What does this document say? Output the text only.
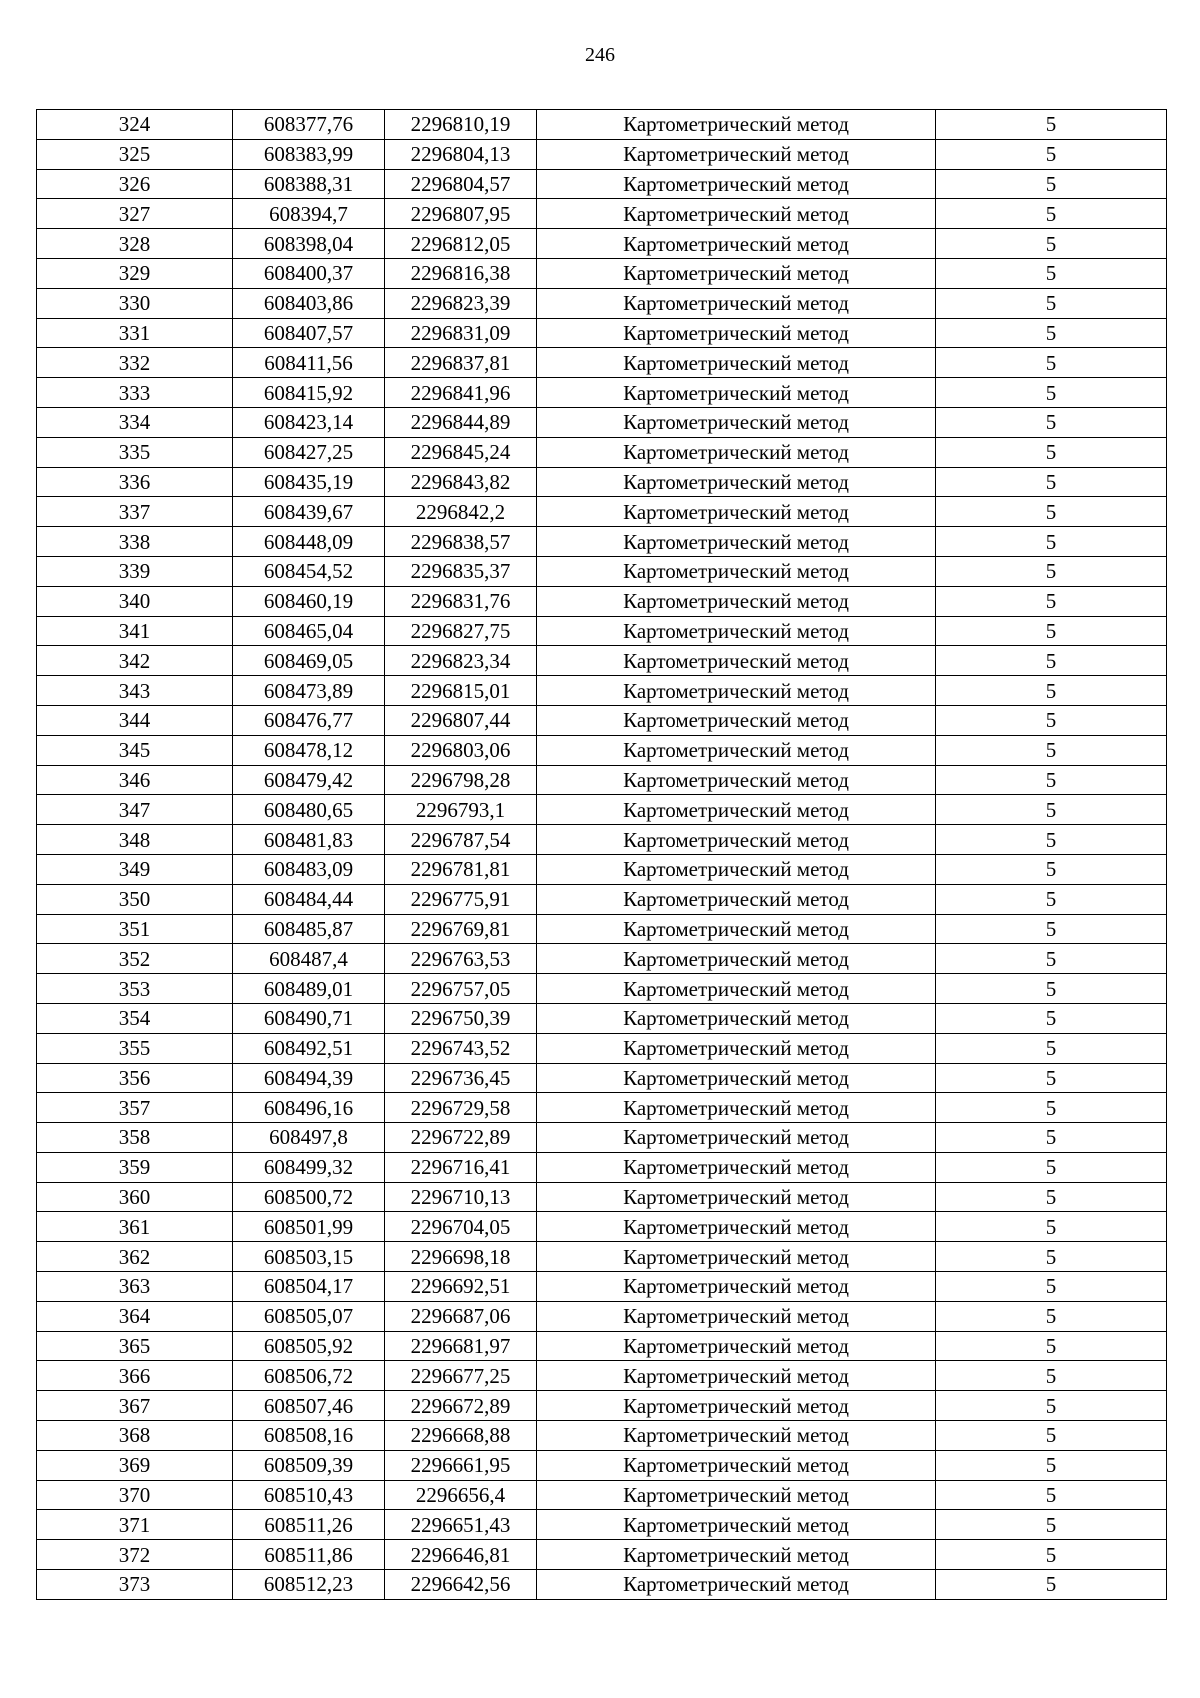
246
324	608377,76	2296810,19	Картометрический метод	5
325	608383,99	2296804,13	Картометрический метод	5
326	608388,31	2296804,57	Картометрический метод	5
327	608394,7	2296807,95	Картометрический метод	5
328	608398,04	2296812,05	Картометрический метод	5
329	608400,37	2296816,38	Картометрический метод	5
330	608403,86	2296823,39	Картометрический метод	5
331	608407,57	2296831,09	Картометрический метод	5
332	608411,56	2296837,81	Картометрический метод	5
333	608415,92	2296841,96	Картометрический метод	5
334	608423,14	2296844,89	Картометрический метод	5
335	608427,25	2296845,24	Картометрический метод	5
336	608435,19	2296843,82	Картометрический метод	5
337	608439,67	2296842,2	Картометрический метод	5
338	608448,09	2296838,57	Картометрический метод	5
339	608454,52	2296835,37	Картометрический метод	5
340	608460,19	2296831,76	Картометрический метод	5
341	608465,04	2296827,75	Картометрический метод	5
342	608469,05	2296823,34	Картометрический метод	5
343	608473,89	2296815,01	Картометрический метод	5
344	608476,77	2296807,44	Картометрический метод	5
345	608478,12	2296803,06	Картометрический метод	5
346	608479,42	2296798,28	Картометрический метод	5
347	608480,65	2296793,1	Картометрический метод	5
348	608481,83	2296787,54	Картометрический метод	5
349	608483,09	2296781,81	Картометрический метод	5
350	608484,44	2296775,91	Картометрический метод	5
351	608485,87	2296769,81	Картометрический метод	5
352	608487,4	2296763,53	Картометрический метод	5
353	608489,01	2296757,05	Картометрический метод	5
354	608490,71	2296750,39	Картометрический метод	5
355	608492,51	2296743,52	Картометрический метод	5
356	608494,39	2296736,45	Картометрический метод	5
357	608496,16	2296729,58	Картометрический метод	5
358	608497,8	2296722,89	Картометрический метод	5
359	608499,32	2296716,41	Картометрический метод	5
360	608500,72	2296710,13	Картометрический метод	5
361	608501,99	2296704,05	Картометрический метод	5
362	608503,15	2296698,18	Картометрический метод	5
363	608504,17	2296692,51	Картометрический метод	5
364	608505,07	2296687,06	Картометрический метод	5
365	608505,92	2296681,97	Картометрический метод	5
366	608506,72	2296677,25	Картометрический метод	5
367	608507,46	2296672,89	Картометрический метод	5
368	608508,16	2296668,88	Картометрический метод	5
369	608509,39	2296661,95	Картометрический метод	5
370	608510,43	2296656,4	Картометрический метод	5
371	608511,26	2296651,43	Картометрический метод	5
372	608511,86	2296646,81	Картометрический метод	5
373	608512,23	2296642,56	Картометрический метод	5
